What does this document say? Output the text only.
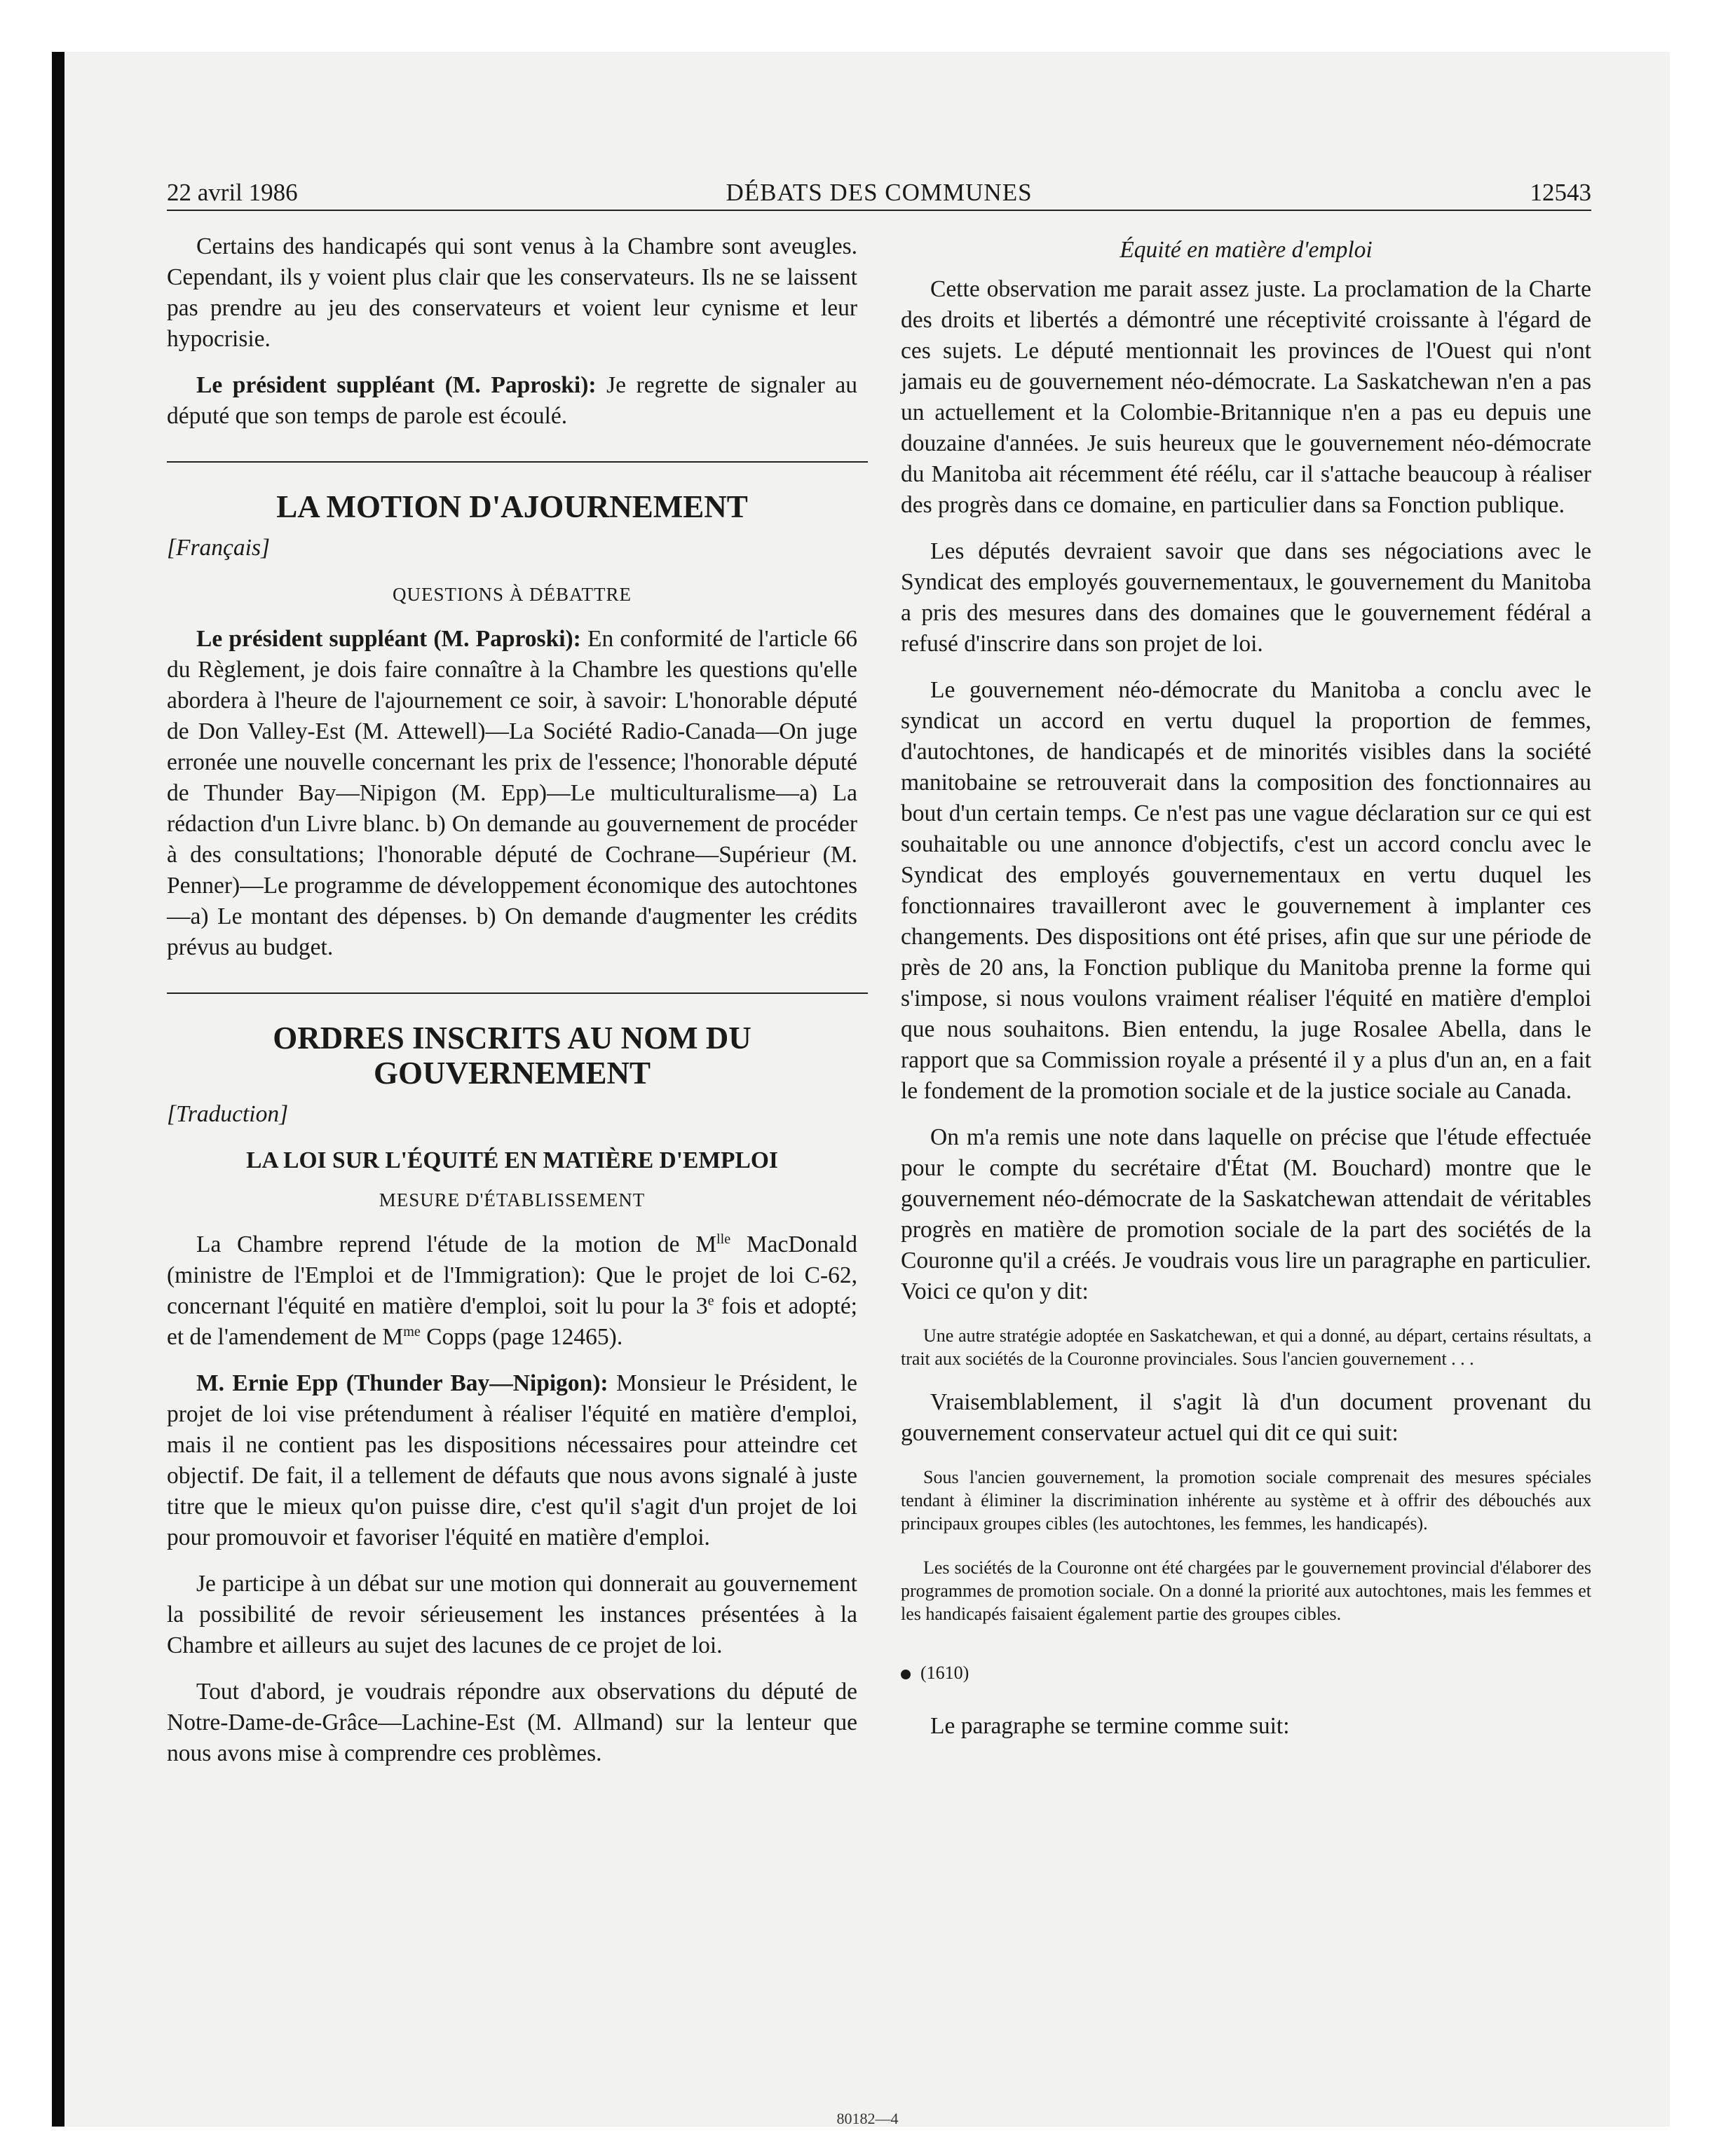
22 avril 1986	DÉBATS DES COMMUNES	12543

Certains des handicapés qui sont venus à la Chambre sont aveugles. Cependant, ils y voient plus clair que les conservateurs. Ils ne se laissent pas prendre au jeu des conservateurs et voient leur cynisme et leur hypocrisie.

Le président suppléant (M. Paproski): Je regrette de signaler au député que son temps de parole est écoulé.

LA MOTION D'AJOURNEMENT
[Français]
QUESTIONS À DÉBATTRE

Le président suppléant (M. Paproski): En conformité de l'article 66 du Règlement, je dois faire connaître à la Chambre les questions qu'elle abordera à l'heure de l'ajournement ce soir, à savoir: L'honorable député de Don Valley-Est (M. Attewell)—La Société Radio-Canada—On juge erronée une nouvelle concernant les prix de l'essence; l'honorable député de Thunder Bay—Nipigon (M. Epp)—Le multiculturalisme—a) La rédaction d'un Livre blanc. b) On demande au gouvernement de procéder à des consultations; l'honorable député de Cochrane—Supérieur (M. Penner)—Le programme de développement économique des autochtones—a) Le montant des dépenses. b) On demande d'augmenter les crédits prévus au budget.

ORDRES INSCRITS AU NOM DU
GOUVERNEMENT
[Traduction]
LA LOI SUR L'ÉQUITÉ EN MATIÈRE D'EMPLOI
MESURE D'ÉTABLISSEMENT

La Chambre reprend l'étude de la motion de $M^{lle}$ MacDonald (ministre de l'Emploi et de l'Immigration): Que le projet de loi C-62, concernant l'équité en matière d'emploi, soit lu pour la 3e fois et adopté; et de l'amendement de $M^{me}$ Copps (page 12465).

M. Ernie Epp (Thunder Bay—Nipigon): Monsieur le Président, le projet de loi vise prétendument à réaliser l'équité en matière d'emploi, mais il ne contient pas les dispositions nécessaires pour atteindre cet objectif. De fait, il a tellement de défauts que nous avons signalé à juste titre que le mieux qu'on puisse dire, c'est qu'il s'agit d'un projet de loi pour promouvoir et favoriser l'équité en matière d'emploi.

Je participe à un débat sur une motion qui donnerait au gouvernement la possibilité de revoir sérieusement les instances présentées à la Chambre et ailleurs au sujet des lacunes de ce projet de loi.

Tout d'abord, je voudrais répondre aux observations du député de Notre-Dame-de-Grâce—Lachine-Est (M. Allmand) sur la lenteur que nous avons mise à comprendre ces problèmes.

Équité en matière d'emploi

Cette observation me parait assez juste. La proclamation de la Charte des droits et libertés a démontré une réceptivité croissante à l'égard de ces sujets. Le député mentionnait les provinces de l'Ouest qui n'ont jamais eu de gouvernement néo-démocrate. La Saskatchewan n'en a pas un actuellement et la Colombie-Britannique n'en a pas eu depuis une douzaine d'années. Je suis heureux que le gouvernement néo-démocrate du Manitoba ait récemment été réélu, car il s'attache beaucoup à réaliser des progrès dans ce domaine, en particulier dans sa Fonction publique.

Les députés devraient savoir que dans ses négociations avec le Syndicat des employés gouvernementaux, le gouvernement du Manitoba a pris des mesures dans des domaines que le gouvernement fédéral a refusé d'inscrire dans son projet de loi.

Le gouvernement néo-démocrate du Manitoba a conclu avec le syndicat un accord en vertu duquel la proportion de femmes, d'autochtones, de handicapés et de minorités visibles dans la société manitobaine se retrouverait dans la composition des fonctionnaires au bout d'un certain temps. Ce n'est pas une vague déclaration sur ce qui est souhaitable ou une annonce d'objectifs, c'est un accord conclu avec le Syndicat des employés gouvernementaux en vertu duquel les fonctionnaires travailleront avec le gouvernement à implanter ces changements. Des dispositions ont été prises, afin que sur une période de près de 20 ans, la Fonction publique du Manitoba prenne la forme qui s'impose, si nous voulons vraiment réaliser l'équité en matière d'emploi que nous souhaitons. Bien entendu, la juge Rosalee Abella, dans le rapport que sa Commission royale a présenté il y a plus d'un an, en a fait le fondement de la promotion sociale et de la justice sociale au Canada.

On m'a remis une note dans laquelle on précise que l'étude effectuée pour le compte du secrétaire d'État (M. Bouchard) montre que le gouvernement néo-démocrate de la Saskatchewan attendait de véritables progrès en matière de promotion sociale de la part des sociétés de la Couronne qu'il a créés. Je voudrais vous lire un paragraphe en particulier. Voici ce qu'on y dit:

Une autre stratégie adoptée en Saskatchewan, et qui a donné, au départ, certains résultats, a trait aux sociétés de la Couronne provinciales. Sous l'ancien gouvernement . . .

Vraisemblablement, il s'agit là d'un document provenant du gouvernement conservateur actuel qui dit ce qui suit:

Sous l'ancien gouvernement, la promotion sociale comprenait des mesures spéciales tendant à éliminer la discrimination inhérente au système et à offrir des débouchés aux principaux groupes cibles (les autochtones, les femmes, les handicapés).
Les sociétés de la Couronne ont été chargées par le gouvernement provincial d'élaborer des programmes de promotion sociale. On a donné la priorité aux autochtones, mais les femmes et les handicapés faisaient également partie des groupes cibles.
(1610)

Le paragraphe se termine comme suit:

80182—4
